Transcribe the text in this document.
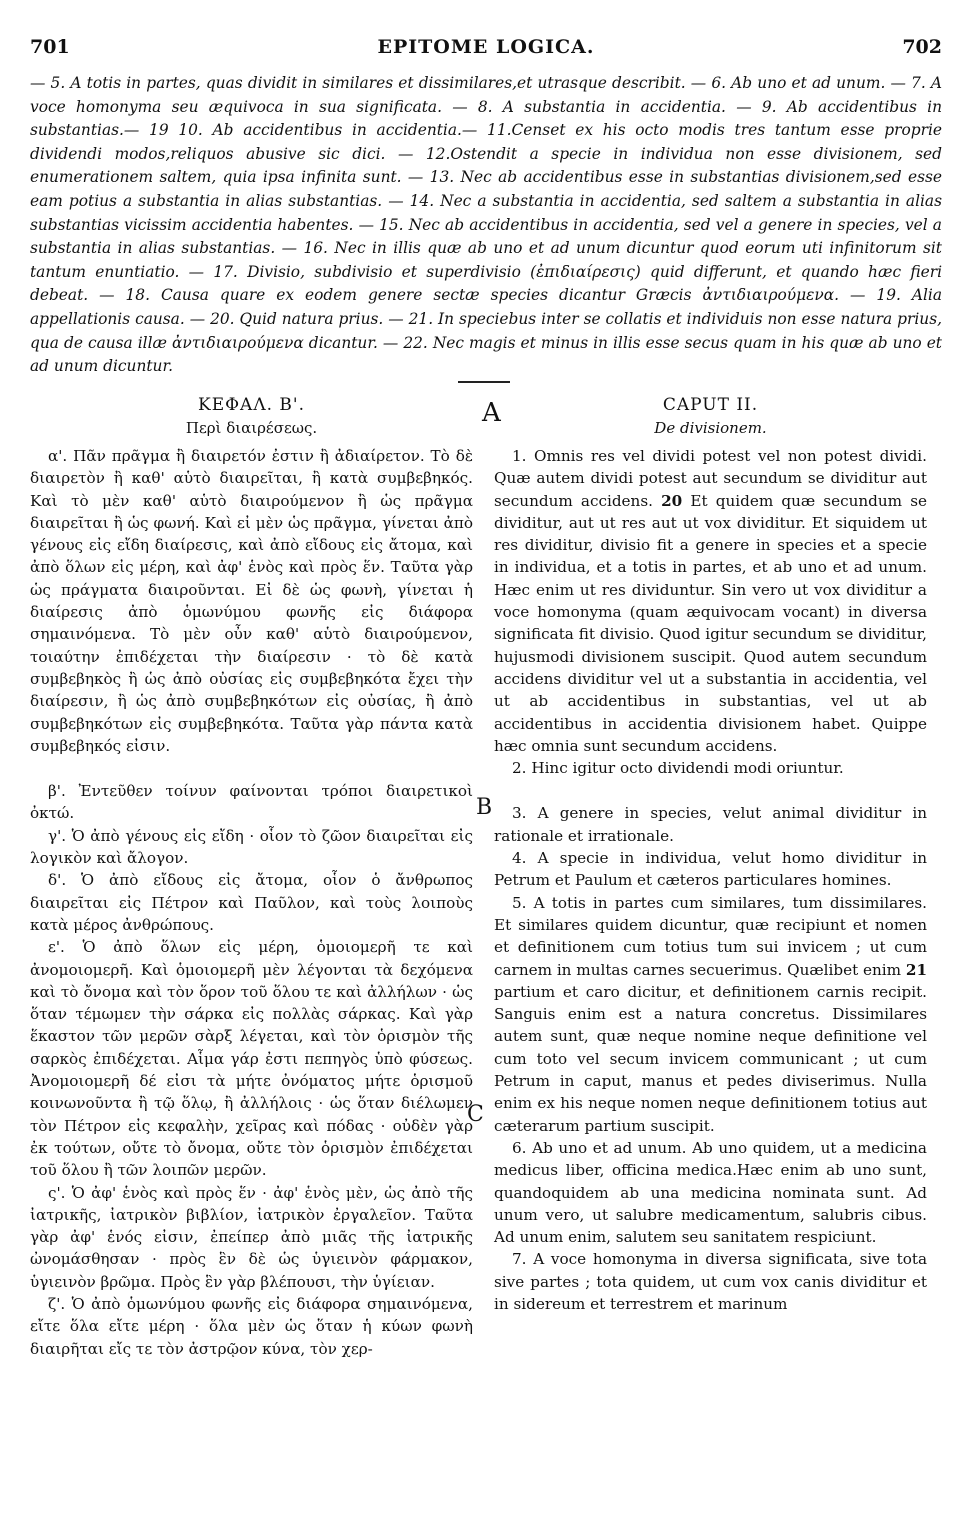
701	EPITOME LOGICA.	702

— 5. A totis in partes, quas dividit in similares et dissimilares,et utrasque describit. — 6. Ab uno et ad unum. — 7. A voce homonyma seu æquivoca in sua significata. — 8. A substantia in accidentia. — 9. Ab accidentibus in substantias.— 19 10. Ab accidentibus in accidentia.— 11.Censet ex his octo modis tres tantum esse proprie dividendi modos,reliquos abusive sic dici. — 12.Ostendit a specie in individua non esse divisionem, sed enumerationem saltem, quia ipsa infinita sunt. — 13. Nec ab accidentibus esse in substantias divisionem,sed esse eam potius a substantia in alias substantias. — 14. Nec a substantia in accidentia, sed saltem a substantia in alias substantias vicissim accidentia habentes. — 15. Nec ab accidentibus in accidentia, sed vel a genere in species, vel a substantia in alias substantias. — 16. Nec in illis quæ ab uno et ad unum dicuntur quod eorum uti infinitorum sit tantum enuntiatio. — 17. Divisio, subdivisio et superdivisio (ἐπιδιαίρεσις) quid differunt, et quando hæc fieri debeat. — 18. Causa quare ex eodem genere sectæ species dicantur Græcis ἀντιδιαιρούμενα. — 19. Alia appellationis causa. — 20. Quid natura prius. — 21. In speciebus inter se collatis et individuis non esse natura prius, qua de causa illæ ἀντιδιαιρούμενα dicantur. — 22. Nec magis et minus in illis esse secus quam in his quæ ab uno et ad unum dicuntur.

A
B
C
ΚΕΦΑΛ. Β'.
Περὶ διαιρέσεως.

α'. Πᾶν πρᾶγμα ἢ διαιρετόν ἐστιν ἢ ἀδιαίρετον. Τὸ δὲ διαιρετὸν ἢ καθ' αὑτὸ διαιρεῖται, ἢ κατὰ συμβεβηκός. Καὶ τὸ μὲν καθ' αὑτὸ διαιρούμενον ἢ ὡς πρᾶγμα διαιρεῖται ἢ ὡς φωνή. Καὶ εἰ μὲν ὡς πρᾶγμα, γίνεται ἀπὸ γένους εἰς εἴδη διαίρεσις, καὶ ἀπὸ εἴδους εἰς ἄτομα, καὶ ἀπὸ ὅλων εἰς μέρη, καὶ ἀφ' ἑνὸς καὶ πρὸς ἕν. Ταῦτα γὰρ ὡς πράγματα διαιροῦνται. Εἰ δὲ ὡς φωνὴ, γίνεται ἡ διαίρεσις ἀπὸ ὁμωνύμου φωνῆς εἰς διάφορα σημαινόμενα. Τὸ μὲν οὖν καθ' αὑτὸ διαιρούμενον, τοιαύτην ἐπιδέχεται τὴν διαίρεσιν · τὸ δὲ κατὰ συμβεβηκὸς ἢ ὡς ἀπὸ οὐσίας εἰς συμβεβηκότα ἔχει τὴν διαίρεσιν, ἢ ὡς ἀπὸ συμβεβηκότων εἰς οὐσίας, ἢ ἀπὸ συμβεβηκότων εἰς συμβεβηκότα. Ταῦτα γὰρ πάντα κατὰ συμβεβηκός εἰσιν.

β'. Ἐντεῦθεν τοίνυν φαίνονται τρόποι διαιρετικοὶ ὀκτώ.

γ'. Ὁ ἀπὸ γένους εἰς εἴδη · οἷον τὸ ζῶον διαιρεῖται εἰς λογικὸν καὶ ἄλογον.

δ'. Ὁ ἀπὸ εἴδους εἰς ἄτομα, οἷον ὁ ἄνθρωπος διαιρεῖται εἰς Πέτρον καὶ Παῦλον, καὶ τοὺς λοιποὺς κατὰ μέρος ἀνθρώπους.

ε'. Ὁ ἀπὸ ὅλων εἰς μέρη, ὁμοιομερῆ τε καὶ ἀνομοιομερῆ. Καὶ ὁμοιομερῆ μὲν λέγονται τὰ δεχόμενα καὶ τὸ ὄνομα καὶ τὸν ὅρον τοῦ ὅλου τε καὶ ἀλλήλων · ὡς ὅταν τέμωμεν τὴν σάρκα εἰς πολλὰς σάρκας. Καὶ γὰρ ἕκαστον τῶν μερῶν σὰρξ λέγεται, καὶ τὸν ὁρισμὸν τῆς σαρκὸς ἐπιδέχεται. Αἷμα γάρ ἐστι πεπηγὸς ὑπὸ φύσεως. Ἀνομοιομερῆ δέ εἰσι τὰ μήτε ὀνόματος μήτε ὁρισμοῦ κοινωνοῦντα ἢ τῷ ὅλῳ, ἢ ἀλλήλοις · ὡς ὅταν διέλωμεν τὸν Πέτρον εἰς κεφαλὴν, χεῖρας καὶ πόδας · οὐδὲν γὰρ ἐκ τούτων, οὔτε τὸ ὄνομα, οὔτε τὸν ὁρισμὸν ἐπιδέχεται τοῦ ὅλου ἢ τῶν λοιπῶν μερῶν.

ς'. Ὁ ἀφ' ἑνὸς καὶ πρὸς ἕν · ἀφ' ἑνὸς μὲν, ὡς ἀπὸ τῆς ἰατρικῆς, ἰατρικὸν βιβλίον, ἰατρικὸν ἐργαλεῖον. Ταῦτα γὰρ ἀφ' ἑνός εἰσιν, ἐπείπερ ἀπὸ μιᾶς τῆς ἰατρικῆς ὠνομάσθησαν · πρὸς ἓν δὲ ὡς ὑγιεινὸν φάρμακον, ὑγιεινὸν βρῶμα. Πρὸς ἓν γὰρ βλέπουσι, τὴν ὑγίειαν.

ζ'. Ὁ ἀπὸ ὁμωνύμου φωνῆς εἰς διάφορα σημαινόμενα, εἴτε ὅλα εἴτε μέρη · ὅλα μὲν ὡς ὅταν ἡ κύων φωνὴ διαιρῆται εἴς τε τὸν ἀστρῷον κύνα, τὸν χερ-

CAPUT II.
De divisionem.

1. Omnis res vel dividi potest vel non potest dividi. Quæ autem dividi potest aut secundum se dividitur aut secundum accidens. 20 Et quidem quæ secundum se dividitur, aut ut res aut ut vox dividitur. Et siquidem ut res dividitur, divisio fit a genere in species et a specie in individua, et a totis in partes, et ab uno et ad unum. Hæc enim ut res dividuntur. Sin vero ut vox dividitur a voce homonyma (quam æquivocam vocant) in diversa significata fit divisio. Quod igitur secundum se dividitur, hujusmodi divisionem suscipit. Quod autem secundum accidens dividitur vel ut a substantia in accidentia, vel ut ab accidentibus in substantias, vel ut ab accidentibus in accidentia divisionem habet. Quippe hæc omnia sunt secundum accidens.

2. Hinc igitur octo dividendi modi oriuntur.

3. A genere in species, velut animal dividitur in rationale et irrationale.

4. A specie in individua, velut homo dividitur in Petrum et Paulum et cæteros particulares homines.

5. A totis in partes cum similares, tum dissimilares. Et similares quidem dicuntur, quæ recipiunt et nomen et definitionem cum totius tum sui invicem ; ut cum carnem in multas carnes secuerimus. Quælibet enim 21 partium et caro dicitur, et definitionem carnis recipit. Sanguis enim est a natura concretus. Dissimilares autem sunt, quæ neque nomine neque definitione vel cum toto vel secum invicem communicant ; ut cum Petrum in caput, manus et pedes diviserimus. Nulla enim ex his neque nomen neque definitionem totius aut cæterarum partium suscipit.

6. Ab uno et ad unum. Ab uno quidem, ut a medicina medicus liber, officina medica.Hæc enim ab uno sunt, quandoquidem ab una medicina nominata sunt. Ad unum vero, ut salubre medicamentum, salubris cibus. Ad unum enim, salutem seu sanitatem respiciunt.

7. A voce homonyma in diversa significata, sive tota sive partes ; tota quidem, ut cum vox canis dividitur et in sidereum et terrestrem et marinum
